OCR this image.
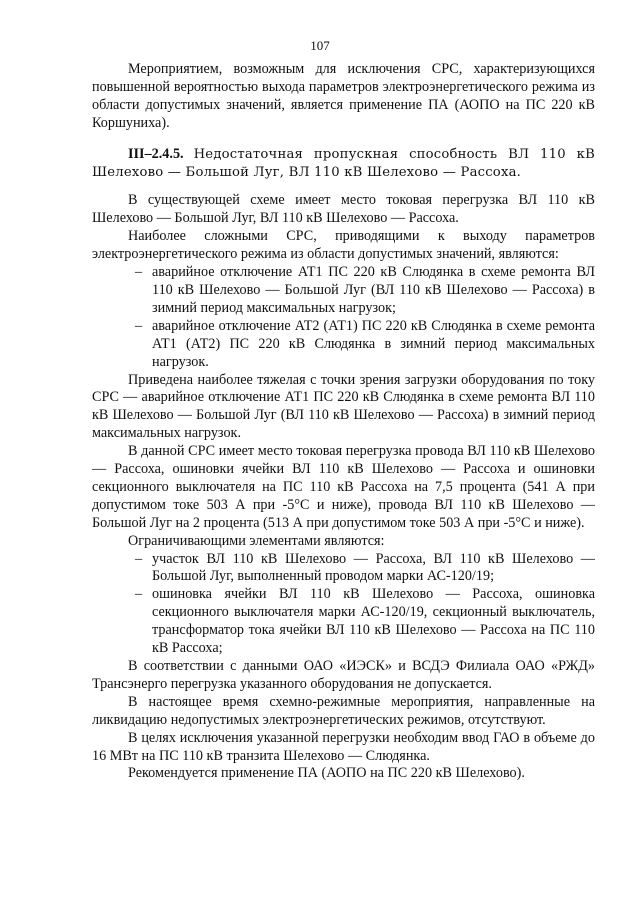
107

Мероприятием, возможным для исключения СРС, характеризующихся повышенной вероятностью выхода параметров электроэнергетического режима из области допустимых значений, является применение ПА (АОПО на ПС 220 кВ Коршуниха).

III–2.4.5. Недостаточная пропускная способность ВЛ 110 кВ Шелехово — Большой Луг, ВЛ 110 кВ Шелехово — Рассоха.

В существующей схеме имеет место токовая перегрузка ВЛ 110 кВ Шелехово — Большой Луг, ВЛ 110 кВ Шелехово — Рассоха.

Наиболее сложными СРС, приводящими к выходу параметров электроэнергетического режима из области допустимых значений, являются:

– аварийное отключение АТ1 ПС 220 кВ Слюдянка в схеме ремонта ВЛ 110 кВ Шелехово — Большой Луг (ВЛ 110 кВ Шелехово — Рассоха) в зимний период максимальных нагрузок;
– аварийное отключение АТ2 (АТ1) ПС 220 кВ Слюдянка в схеме ремонта АТ1 (АТ2) ПС 220 кВ Слюдянка в зимний период максимальных нагрузок.

Приведена наиболее тяжелая с точки зрения загрузки оборудования по току СРС — аварийное отключение АТ1 ПС 220 кВ Слюдянка в схеме ремонта ВЛ 110 кВ Шелехово — Большой Луг (ВЛ 110 кВ Шелехово — Рассоха) в зимний период максимальных нагрузок.

В данной СРС имеет место токовая перегрузка провода ВЛ 110 кВ Шелехово — Рассоха, ошиновки ячейки ВЛ 110 кВ Шелехово — Рассоха и ошиновки секционного выключателя на ПС 110 кВ Рассоха на 7,5 процента (541 А при допустимом токе 503 А при -5°С и ниже), провода ВЛ 110 кВ Шелехово — Большой Луг на 2 процента (513 А при допустимом токе 503 А при -5°С и ниже).

Ограничивающими элементами являются:

– участок ВЛ 110 кВ Шелехово — Рассоха, ВЛ 110 кВ Шелехово — Большой Луг, выполненный проводом марки АС-120/19;
– ошиновка ячейки ВЛ 110 кВ Шелехово — Рассоха, ошиновка секционного выключателя марки АС-120/19, секционный выключатель, трансформатор тока ячейки ВЛ 110 кВ Шелехово — Рассоха на ПС 110 кВ Рассоха;

В соответствии с данными ОАО «ИЭСК» и ВСДЭ Филиала ОАО «РЖД» Трансэнерго перегрузка указанного оборудования не допускается.

В настоящее время схемно-режимные мероприятия, направленные на ликвидацию недопустимых электроэнергетических режимов, отсутствуют.

В целях исключения указанной перегрузки необходим ввод ГАО в объеме до 16 МВт на ПС 110 кВ транзита Шелехово — Слюдянка.

Рекомендуется применение ПА (АОПО на ПС 220 кВ Шелехово).
